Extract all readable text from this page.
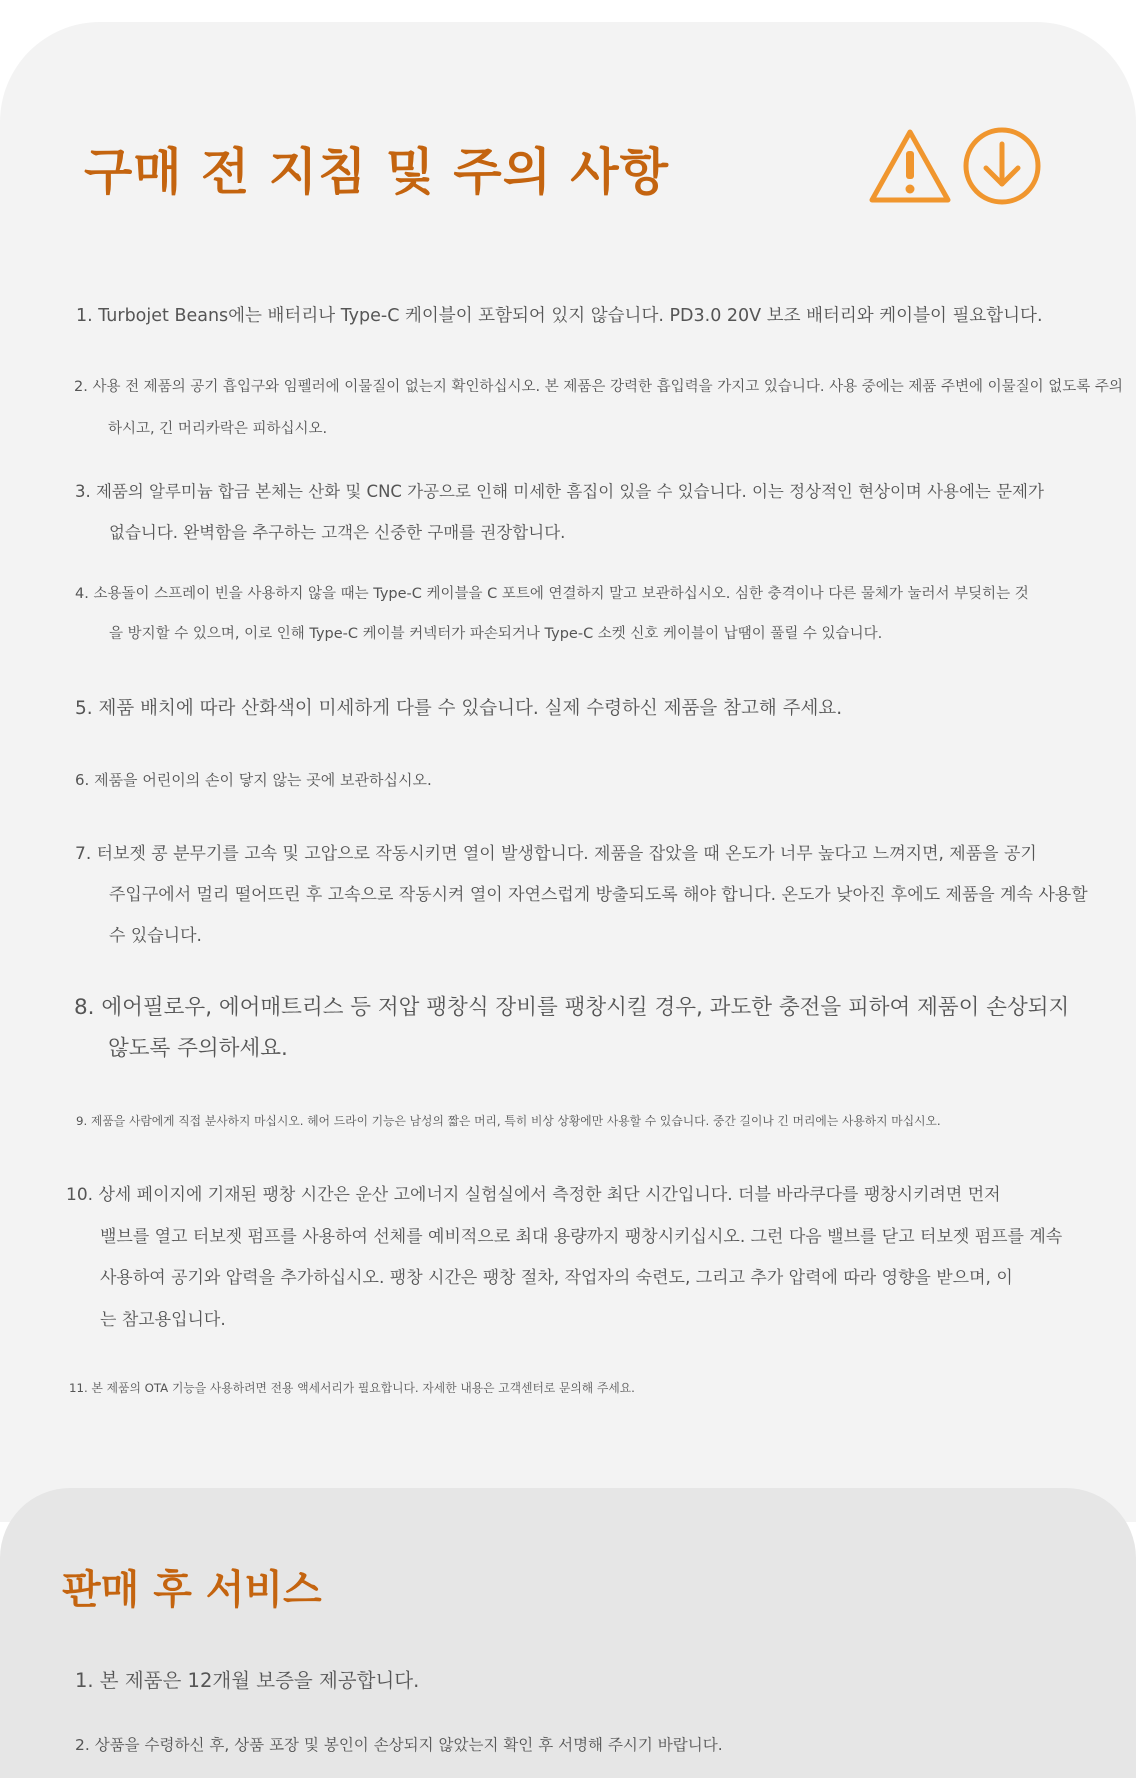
구매 전 지침 및 주의 사항
1. Turbojet Beans에는 배터리나 Type-C 케이블이 포함되어 있지 않습니다. PD3.0 20V 보조 배터리와 케이블이 필요합니다.
2. 사용 전 제품의 공기 흡입구와 임펠러에 이물질이 없는지 확인하십시오. 본 제품은 강력한 흡입력을 가지고 있습니다. 사용 중에는 제품 주변에 이물질이 없도록 주의
하시고, 긴 머리카락은 피하십시오.
3. 제품의 알루미늄 합금 본체는 산화 및 CNC 가공으로 인해 미세한 흠집이 있을 수 있습니다. 이는 정상적인 현상이며 사용에는 문제가
없습니다. 완벽함을 추구하는 고객은 신중한 구매를 권장합니다.
4. 소용돌이 스프레이 빈을 사용하지 않을 때는 Type-C 케이블을 C 포트에 연결하지 말고 보관하십시오. 심한 충격이나 다른 물체가 눌러서 부딪히는 것
을 방지할 수 있으며, 이로 인해 Type-C 케이블 커넥터가 파손되거나 Type-C 소켓 신호 케이블이 납땜이 풀릴 수 있습니다.
5. 제품 배치에 따라 산화색이 미세하게 다를 수 있습니다. 실제 수령하신 제품을 참고해 주세요.
6. 제품을 어린이의 손이 닿지 않는 곳에 보관하십시오.
7. 터보젯 콩 분무기를 고속 및 고압으로 작동시키면 열이 발생합니다. 제품을 잡았을 때 온도가 너무 높다고 느껴지면, 제품을 공기
주입구에서 멀리 떨어뜨린 후 고속으로 작동시켜 열이 자연스럽게 방출되도록 해야 합니다. 온도가 낮아진 후에도 제품을 계속 사용할
수 있습니다.
8. 에어필로우, 에어매트리스 등 저압 팽창식 장비를 팽창시킬 경우, 과도한 충전을 피하여 제품이 손상되지
않도록 주의하세요.
9. 제품을 사람에게 직접 분사하지 마십시오. 헤어 드라이 기능은 남성의 짧은 머리, 특히 비상 상황에만 사용할 수 있습니다. 중간 길이나 긴 머리에는 사용하지 마십시오.
10. 상세 페이지에 기재된 팽창 시간은 운산 고에너지 실험실에서 측정한 최단 시간입니다. 더블 바라쿠다를 팽창시키려면 먼저
밸브를 열고 터보젯 펌프를 사용하여 선체를 예비적으로 최대 용량까지 팽창시키십시오. 그런 다음 밸브를 닫고 터보젯 펌프를 계속
사용하여 공기와 압력을 추가하십시오. 팽창 시간은 팽창 절차, 작업자의 숙련도, 그리고 추가 압력에 따라 영향을 받으며, 이
는 참고용입니다.
11. 본 제품의 OTA 기능을 사용하려면 전용 액세서리가 필요합니다. 자세한 내용은 고객센터로 문의해 주세요.
판매 후 서비스
1. 본 제품은 12개월 보증을 제공합니다.
2. 상품을 수령하신 후, 상품 포장 및 봉인이 손상되지 않았는지 확인 후 서명해 주시기 바랍니다.
